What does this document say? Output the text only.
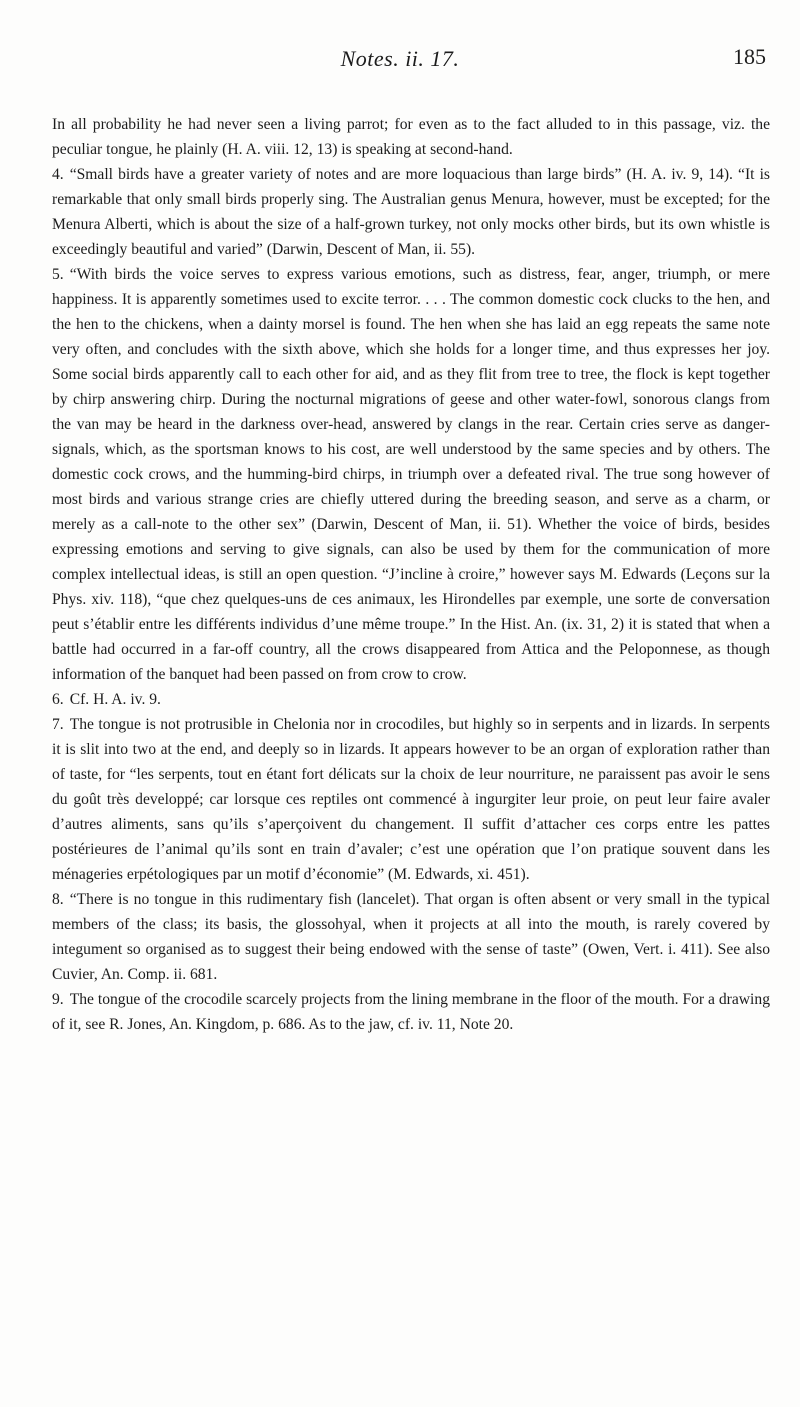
Notes. ii. 17.	185

In all probability he had never seen a living parrot; for even as to the fact alluded to in this passage, viz. the peculiar tongue, he plainly (H. A. viii. 12, 13) is speaking at second-hand.

4. “Small birds have a greater variety of notes and are more loquacious than large birds” (H. A. iv. 9, 14). “It is remarkable that only small birds properly sing. The Australian genus Menura, however, must be excepted; for the Menura Alberti, which is about the size of a half-grown turkey, not only mocks other birds, but its own whistle is exceedingly beautiful and varied” (Darwin, Descent of Man, ii. 55).

5. “With birds the voice serves to express various emotions, such as distress, fear, anger, triumph, or mere happiness. It is apparently sometimes used to excite terror. . . . The common domestic cock clucks to the hen, and the hen to the chickens, when a dainty morsel is found. The hen when she has laid an egg repeats the same note very often, and concludes with the sixth above, which she holds for a longer time, and thus expresses her joy. Some social birds apparently call to each other for aid, and as they flit from tree to tree, the flock is kept together by chirp answering chirp. During the nocturnal migrations of geese and other water-fowl, sonorous clangs from the van may be heard in the darkness over-head, answered by clangs in the rear. Certain cries serve as danger-signals, which, as the sportsman knows to his cost, are well understood by the same species and by others. The domestic cock crows, and the humming-bird chirps, in triumph over a defeated rival. The true song however of most birds and various strange cries are chiefly uttered during the breeding season, and serve as a charm, or merely as a call-note to the other sex” (Darwin, Descent of Man, ii. 51). Whether the voice of birds, besides expressing emotions and serving to give signals, can also be used by them for the communication of more complex intellectual ideas, is still an open question. “J’incline à croire,” however says M. Edwards (Leçons sur la Phys. xiv. 118), “que chez quelques-uns de ces animaux, les Hirondelles par exemple, une sorte de conversation peut s’établir entre les différents individus d’une même troupe.” In the Hist. An. (ix. 31, 2) it is stated that when a battle had occurred in a far-off country, all the crows disappeared from Attica and the Peloponnese, as though information of the banquet had been passed on from crow to crow.

6. Cf. H. A. iv. 9.

7. The tongue is not protrusible in Chelonia nor in crocodiles, but highly so in serpents and in lizards. In serpents it is slit into two at the end, and deeply so in lizards. It appears however to be an organ of exploration rather than of taste, for “les serpents, tout en étant fort délicats sur la choix de leur nourriture, ne paraissent pas avoir le sens du goût très developpé; car lorsque ces reptiles ont commencé à ingurgiter leur proie, on peut leur faire avaler d’autres aliments, sans qu’ils s’aperçoivent du changement. Il suffit d’attacher ces corps entre les pattes postérieures de l’animal qu’ils sont en train d’avaler; c’est une opération que l’on pratique souvent dans les ménageries erpétologiques par un motif d’économie” (M. Edwards, xi. 451).

8. “There is no tongue in this rudimentary fish (lancelet). That organ is often absent or very small in the typical members of the class; its basis, the glossohyal, when it projects at all into the mouth, is rarely covered by integument so organised as to suggest their being endowed with the sense of taste” (Owen, Vert. i. 411). See also Cuvier, An. Comp. ii. 681.

9. The tongue of the crocodile scarcely projects from the lining membrane in the floor of the mouth. For a drawing of it, see R. Jones, An. Kingdom, p. 686. As to the jaw, cf. iv. 11, Note 20.
